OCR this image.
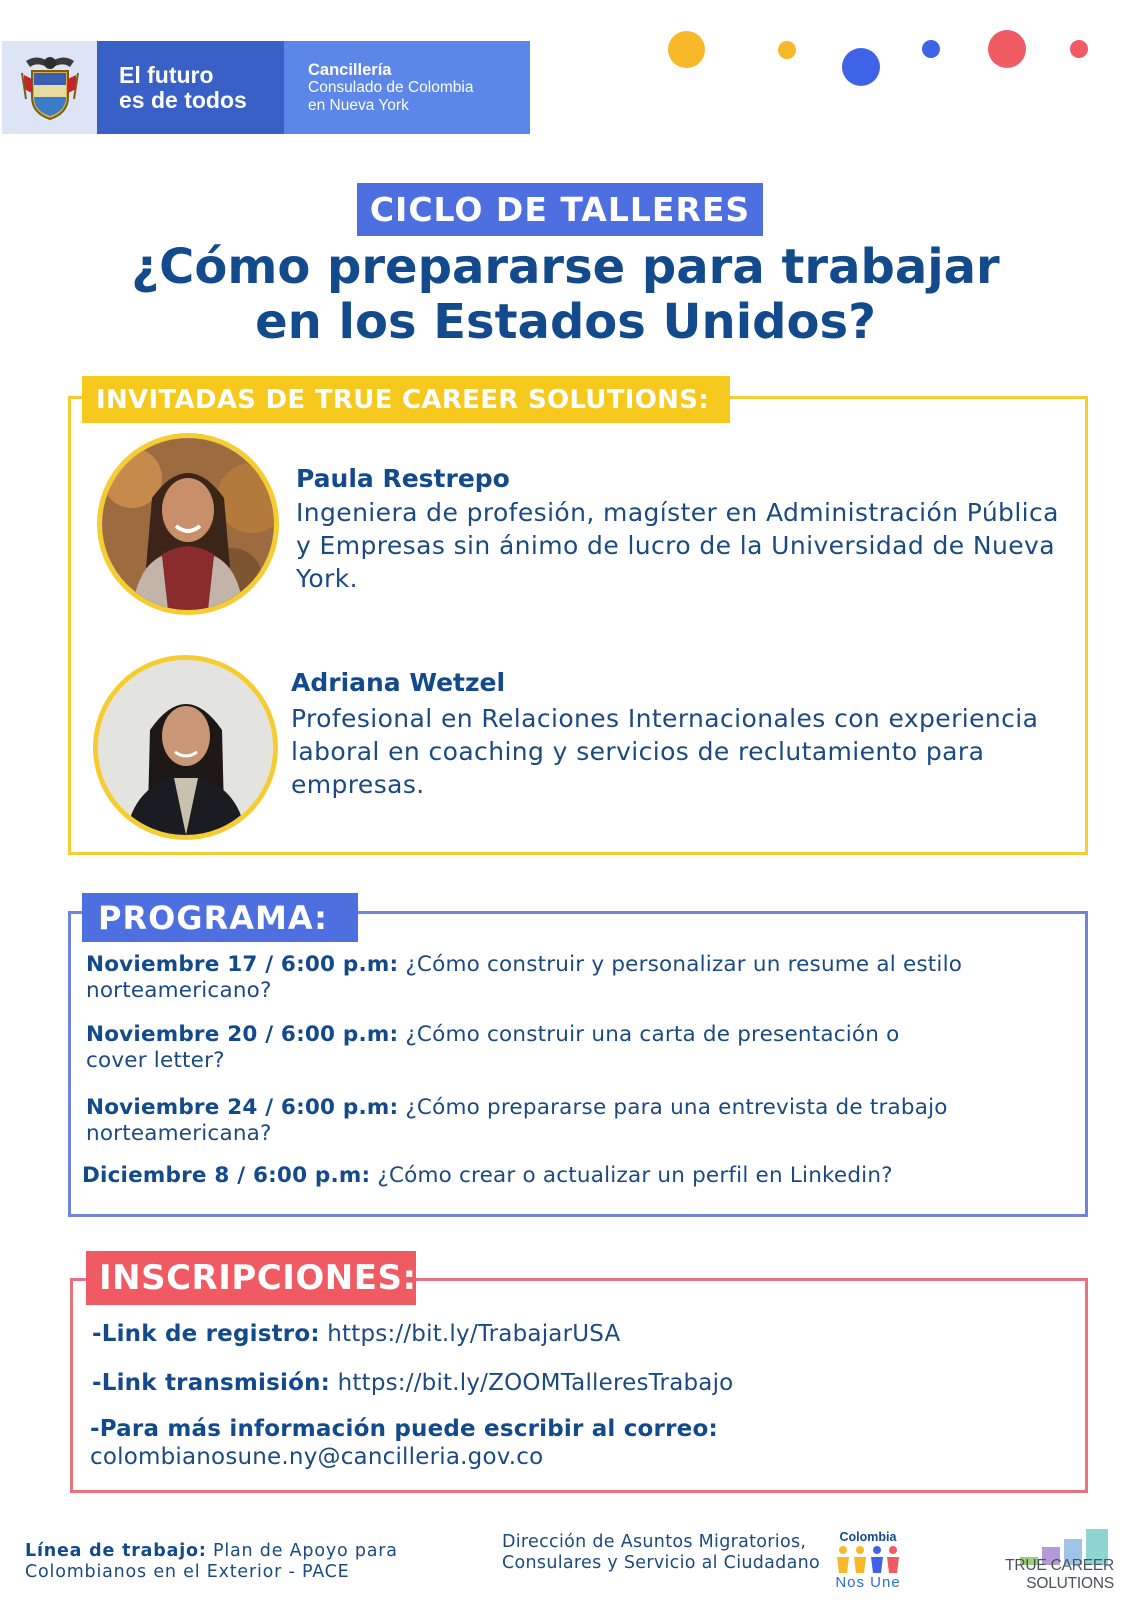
El futuro
es de todos
Cancillería
Consulado de Colombia
en Nueva York
CICLO DE TALLERES
¿Cómo prepararse para trabajar
en los Estados Unidos?
INVITADAS DE TRUE CAREER SOLUTIONS:
Paula Restrepo
Ingeniera de profesión, magíster en Administración Pública
y Empresas sin ánimo de lucro de la Universidad de Nueva
York.
Adriana Wetzel
Profesional en Relaciones Internacionales con experiencia
laboral en coaching y servicios de reclutamiento para
empresas.
PROGRAMA:
Noviembre 17 / 6:00 p.m: ¿Cómo construir y personalizar un resume al estilo
norteamericano?
Noviembre 20 / 6:00 p.m: ¿Cómo construir una carta de presentación o
cover letter?
Noviembre 24 / 6:00 p.m: ¿Cómo prepararse para una entrevista de trabajo
norteamericana?
Diciembre 8 / 6:00 p.m: ¿Cómo crear o actualizar un perfil en Linkedin?
INSCRIPCIONES:
-Link de registro: https://bit.ly/TrabajarUSA
-Link transmisión: https://bit.ly/ZOOMTalleresTrabajo
-Para más información puede escribir al correo:
colombianosune.ny@cancilleria.gov.co
Línea de trabajo: Plan de Apoyo para
Colombianos en el Exterior - PACE
Dirección de Asuntos Migratorios,
Consulares y Servicio al Ciudadano
Colombia
Nos Une
TRUE CAREER SOLUTIONS
